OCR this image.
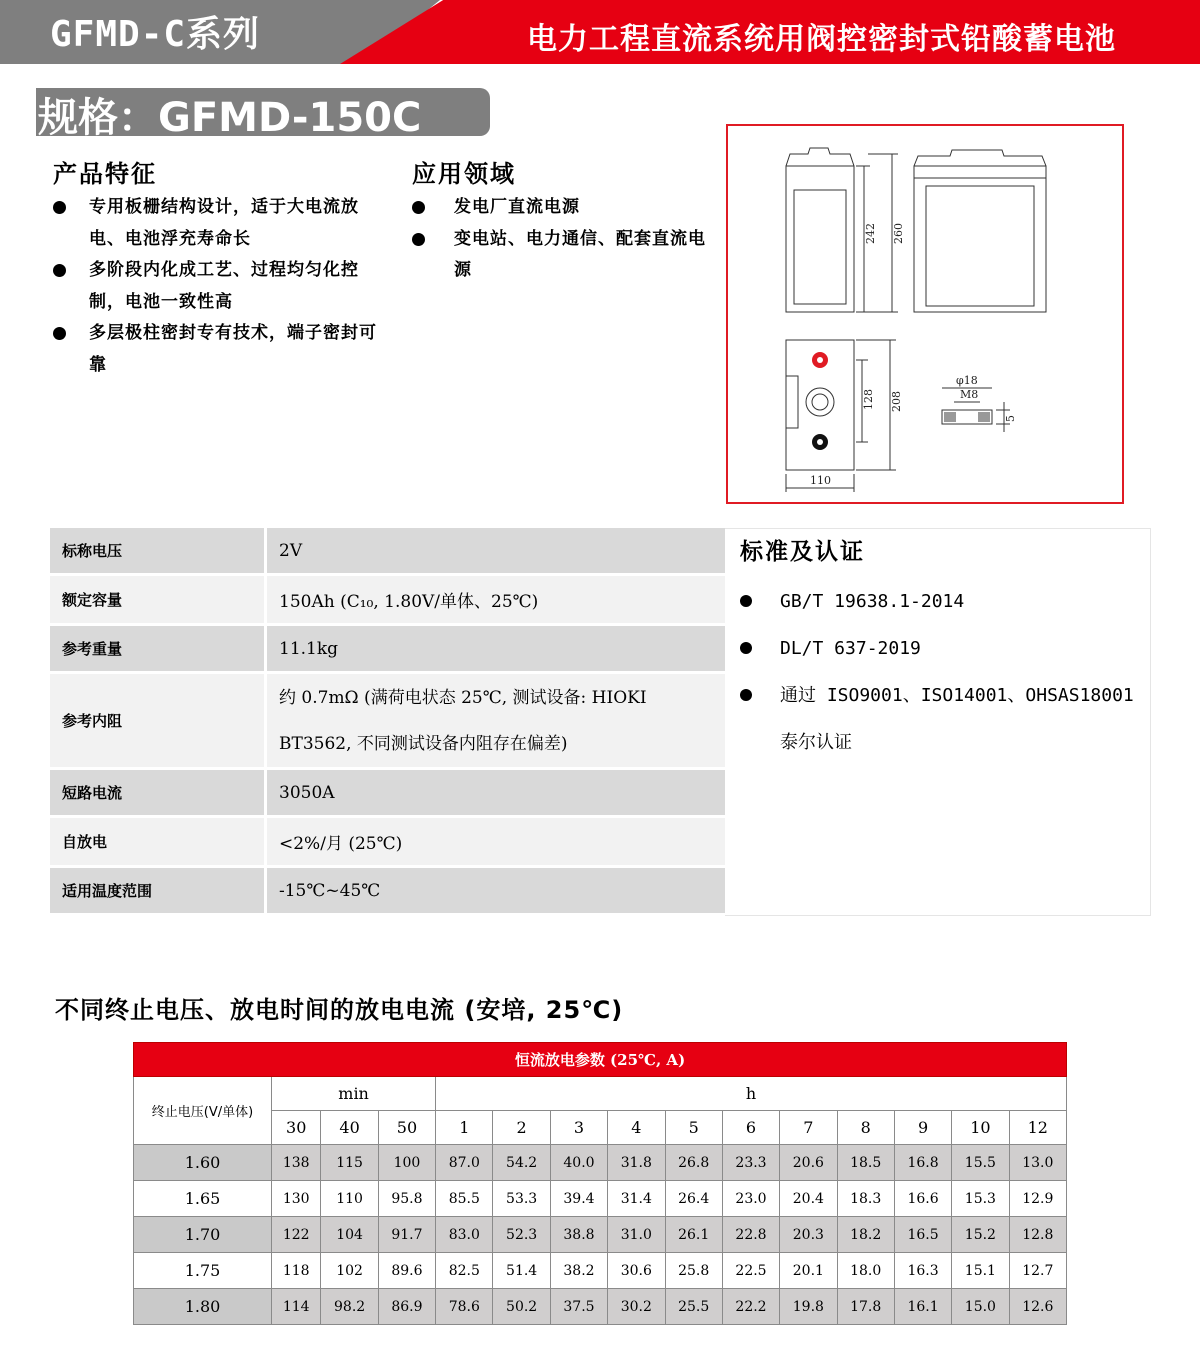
GFMD-C系列	电力工程直流系统用阀控密封式铅酸蓄电池
规格：GFMD-150C
产品特征
专用板栅结构设计，适于大电流放电、电池浮充寿命长
多阶段内化成工艺、过程均匀化控制，电池一致性高
多层极柱密封专有技术，端子密封可靠
应用领域
发电厂直流电源
变电站、电力通信、配套直流电源
242 260
128 208
110
φ18
M8
5
标称电压	2V
额定容量	150Ah (C₁₀, 1.80V/单体、25℃)
参考重量	11.1kg
参考内阻	约 0.7mΩ (满荷电状态 25℃, 测试设备: HIOKI BT3562, 不同测试设备内阻存在偏差)
短路电流	3050A
自放电	<2%/月 (25℃)
适用温度范围	-15℃~45℃
标准及认证
GB/T 19638.1-2014
DL/T 637-2019
通过 ISO9001、ISO14001、OHSAS18001泰尔认证
不同终止电压、放电时间的放电电流 (安培, 25℃)
恒流放电参数 (25℃, A)														
终止电压(V/单体)	min			h										
	30	40	50	1	2	3	4	5	6	7	8	9	10	12
1.60	138	115	100	87.0	54.2	40.0	31.8	26.8	23.3	20.6	18.5	16.8	15.5	13.0
1.65	130	110	95.8	85.5	53.3	39.4	31.4	26.4	23.0	20.4	18.3	16.6	15.3	12.9
1.70	122	104	91.7	83.0	52.3	38.8	31.0	26.1	22.8	20.3	18.2	16.5	15.2	12.8
1.75	118	102	89.6	82.5	51.4	38.2	30.6	25.8	22.5	20.1	18.0	16.3	15.1	12.7
1.80	114	98.2	86.9	78.6	50.2	37.5	30.2	25.5	22.2	19.8	17.8	16.1	15.0	12.6
